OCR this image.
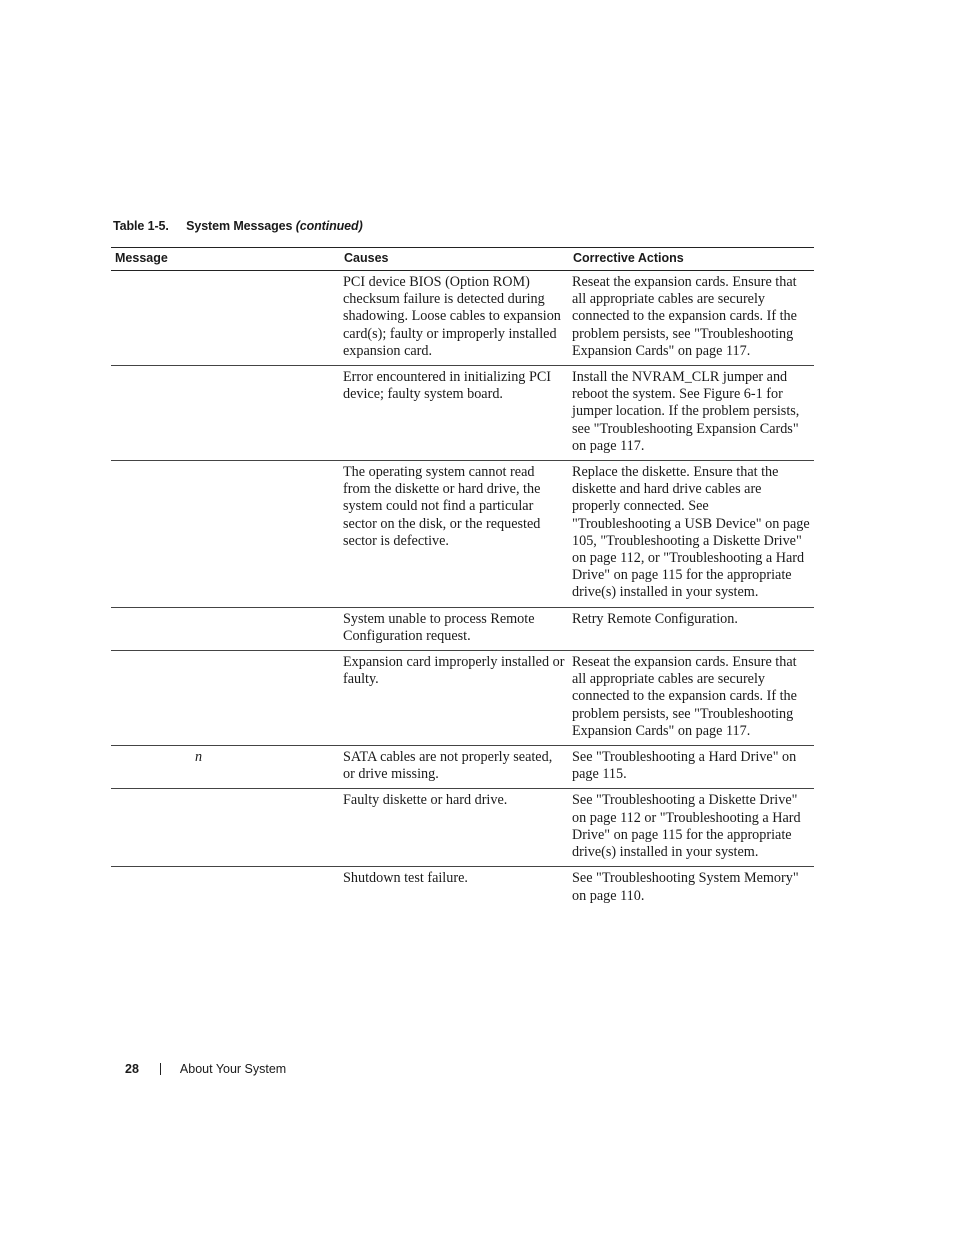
Table 1-5. System Messages (continued)
Message	Causes	Corrective Actions
	PCI device BIOS (Option ROM) checksum failure is detected during shadowing. Loose cables to expansion card(s); faulty or improperly installed expansion card.	Reseat the expansion cards. Ensure that all appropriate cables are securely connected to the expansion cards. If the problem persists, see "Troubleshooting Expansion Cards" on page 117.
	Error encountered in initializing PCI device; faulty system board.	Install the NVRAM_CLR jumper and reboot the system. See Figure 6-1 for jumper location. If the problem persists, see "Troubleshooting Expansion Cards" on page 117.
	The operating system cannot read from the diskette or hard drive, the system could not find a particular sector on the disk, or the requested sector is defective.	Replace the diskette. Ensure that the diskette and hard drive cables are properly connected. See "Troubleshooting a USB Device" on page 105, "Troubleshooting a Diskette Drive" on page 112, or "Troubleshooting a Hard Drive" on page 115 for the appropriate drive(s) installed in your system.
	System unable to process Remote Configuration request.	Retry Remote Configuration.
	Expansion card improperly installed or faulty.	Reseat the expansion cards. Ensure that all appropriate cables are securely connected to the expansion cards. If the problem persists, see "Troubleshooting Expansion Cards" on page 117.

n	SATA cables are not properly seated, or drive missing.	See "Troubleshooting a Hard Drive" on page 115.
	Faulty diskette or hard drive.	See "Troubleshooting a Diskette Drive" on page 112 or "Troubleshooting a Hard Drive" on page 115 for the appropriate drive(s) installed in your system.
	Shutdown test failure.	See "Troubleshooting System Memory" on page 110.
28	About Your System
